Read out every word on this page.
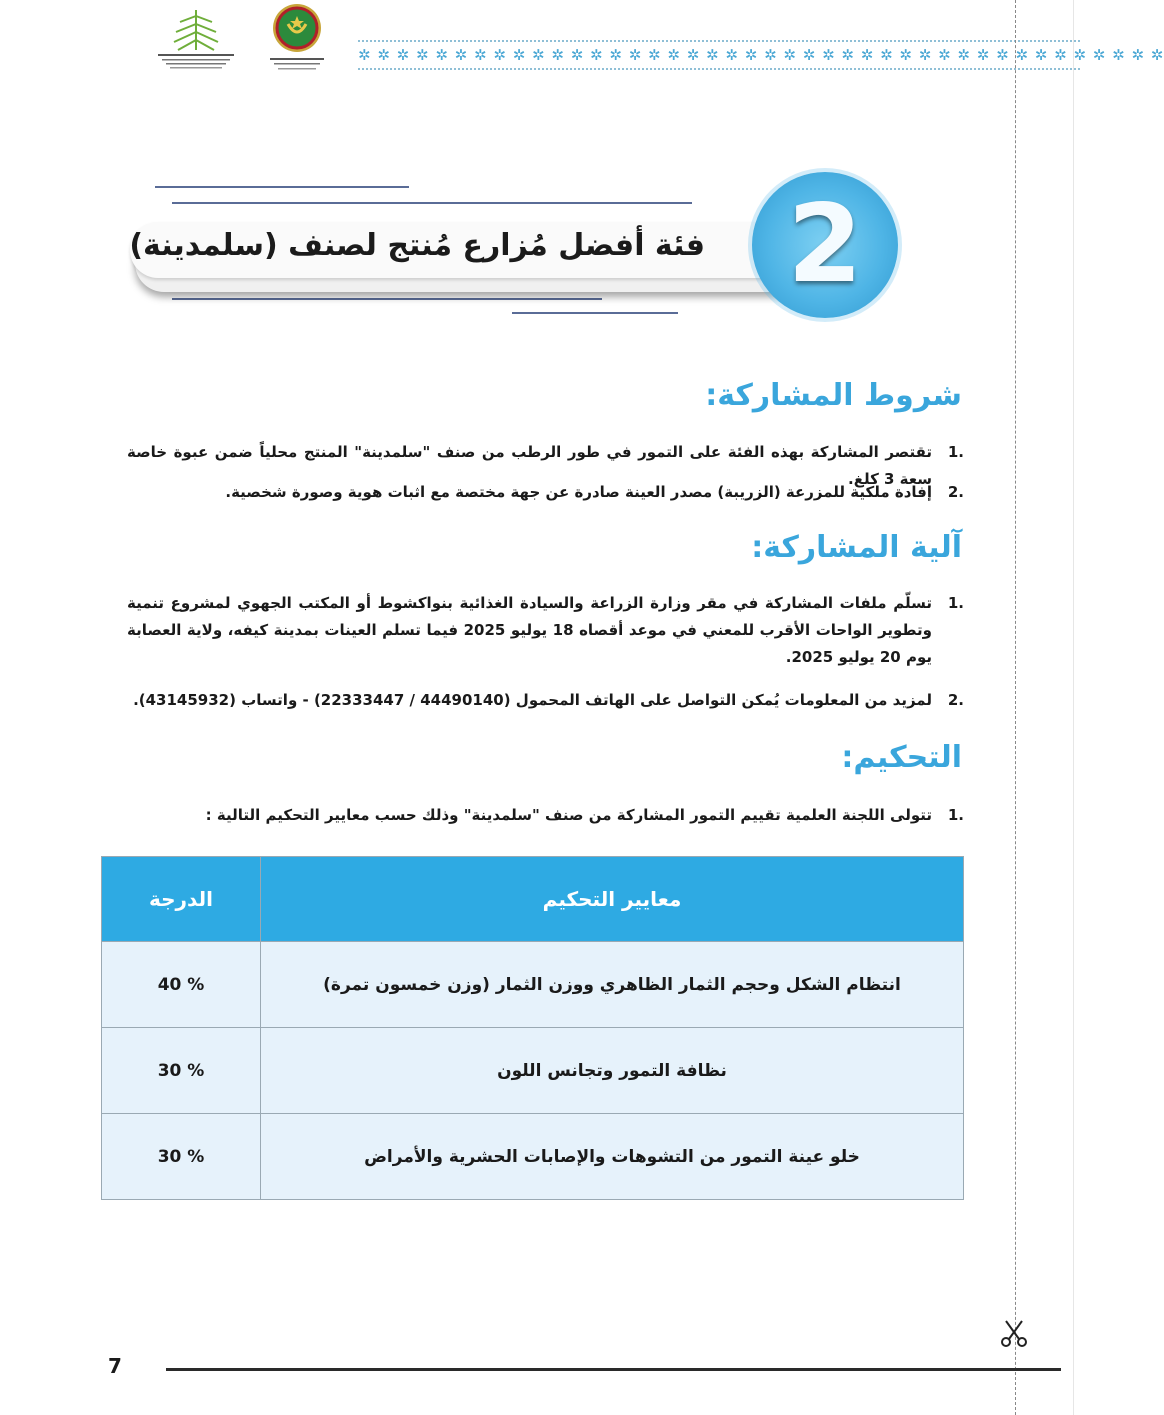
✲ ✲ ✲ ✲ ✲ ✲ ✲ ✲ ✲ ✲ ✲ ✲ ✲ ✲ ✲ ✲ ✲ ✲ ✲ ✲ ✲ ✲ ✲ ✲ ✲ ✲ ✲ ✲ ✲ ✲ ✲ ✲ ✲ ✲ ✲ ✲ ✲ ✲ ✲ ✲ ✲ ✲
فئة أفضل مُزارع مُنتج لصنف (سلمدينة) 2
شروط المشاركة:
1.
تقتصر المشاركة بهذه الفئة على التمور في طور الرطب من صنف "سلمدينة" المنتج محلياً ضمن عبوة خاصة سعة 3 كلغ.
2.
إفادة ملكية للمزرعة (الزريبة) مصدر العينة صادرة عن جهة مختصة مع اثبات هوية وصورة شخصية.
آلية المشاركة:
1.
تسلّم ملفات المشاركة في مقر وزارة الزراعة والسيادة الغذائية بنواكشوط أو المكتب الجهوي لمشروع تنمية وتطوير الواحات الأقرب للمعني في موعد أقصاه 18 يوليو 2025 فيما تسلم العينات بمدينة كيفه، ولاية العصابة يوم 20 يوليو 2025.
2.
لمزيد من المعلومات يُمكن التواصل على الهاتف المحمول (44490140 / 22333447) - واتساب (43145932).
التحكيم:
1.
تتولى اللجنة العلمية تقييم التمور المشاركة من صنف "سلمدينة" وذلك حسب معايير التحكيم التالية :
معايير التحكيم	الدرجة
انتظام الشكل وحجم الثمار الظاهري ووزن الثمار (وزن خمسون تمرة)	40 %
نظافة التمور وتجانس اللون	30 %
خلو عينة التمور من التشوهات والإصابات الحشرية والأمراض	30 %
7
